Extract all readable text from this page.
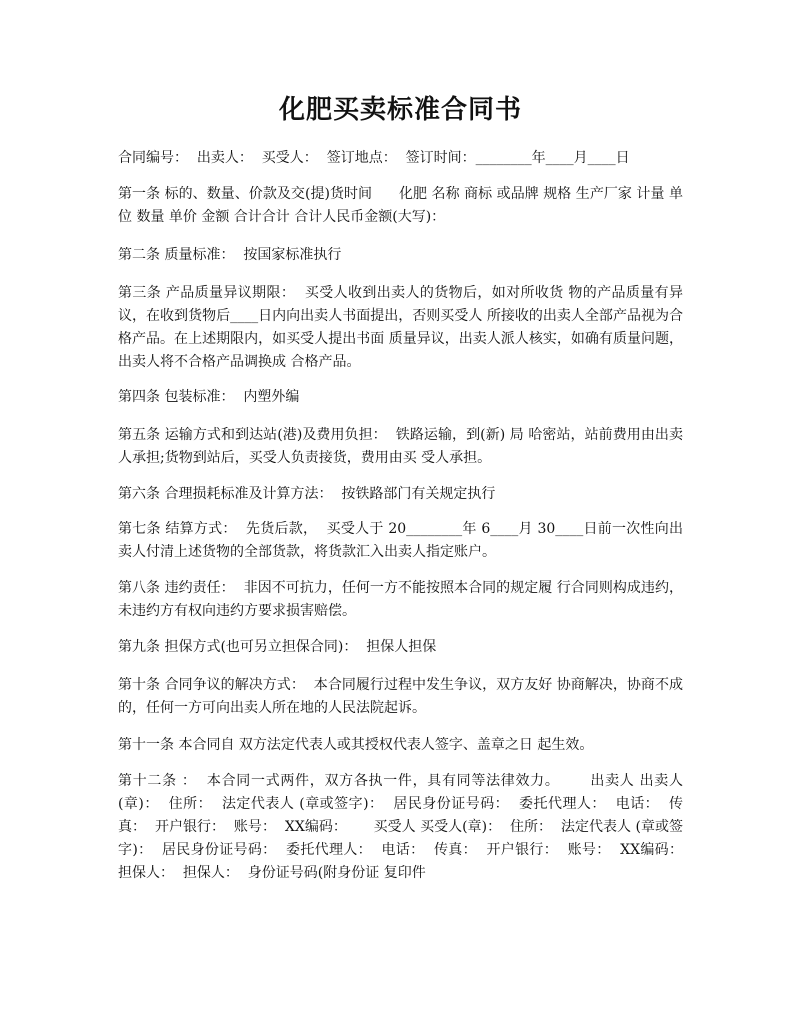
化肥买卖标准合同书
合同编号：  出卖人：  买受人：  签订地点：  签订时间：________年____月____日
第一条 标的、数量、价款及交(提)货时间      化肥 名称 商标 或品牌 规格 生产厂家 计量 单位 数量 单价 金额 合计合计 合计人民币金额(大写)：
第二条 质量标准：  按国家标准执行
第三条 产品质量异议期限：  买受人收到出卖人的货物后，如对所收货 物的产品质量有异议，在收到货物后____日内向出卖人书面提出，否则买受人 所接收的出卖人全部产品视为合格产品。在上述期限内，如买受人提出书面 质量异议，出卖人派人核实，如确有质量问题，出卖人将不合格产品调换成 合格产品。
第四条 包装标准：  内塑外编
第五条 运输方式和到达站(港)及费用负担：  铁路运输，到(新) 局 哈密站，站前费用由出卖人承担;货物到站后，买受人负责接货，费用由买 受人承担。
第六条 合理损耗标准及计算方法：  按铁路部门有关规定执行
第七条 结算方式：  先货后款，  买受人于 20________年 6____月 30____日前一次性向出卖人付清上述货物的全部货款，将货款汇入出卖人指定账户。
第八条 违约责任：  非因不可抗力，任何一方不能按照本合同的规定履 行合同则构成违约，未违约方有权向违约方要求损害赔偿。
第九条 担保方式(也可另立担保合同)：  担保人担保
第十条 合同争议的解决方式：  本合同履行过程中发生争议，双方友好 协商解决，协商不成的，任何一方可向出卖人所在地的人民法院起诉。
第十一条 本合同自 双方法定代表人或其授权代表人签字、盖章之日 起生效。
第十二条 ：  本合同一式两件，双方各执一件，具有同等法律效力。      出卖人 出卖人(章)：  住所：  法定代表人 (章或签字)：  居民身份证号码：  委托代理人：  电话：  传真：  开户银行：  账号：  XX编码：      买受人 买受人(章)：  住所：  法定代表人 (章或签字)：  居民身份证号码：  委托代理人：  电话：  传真：  开户银行：  账号：  XX编码：      担保人：  担保人：  身份证号码(附身份证 复印件
